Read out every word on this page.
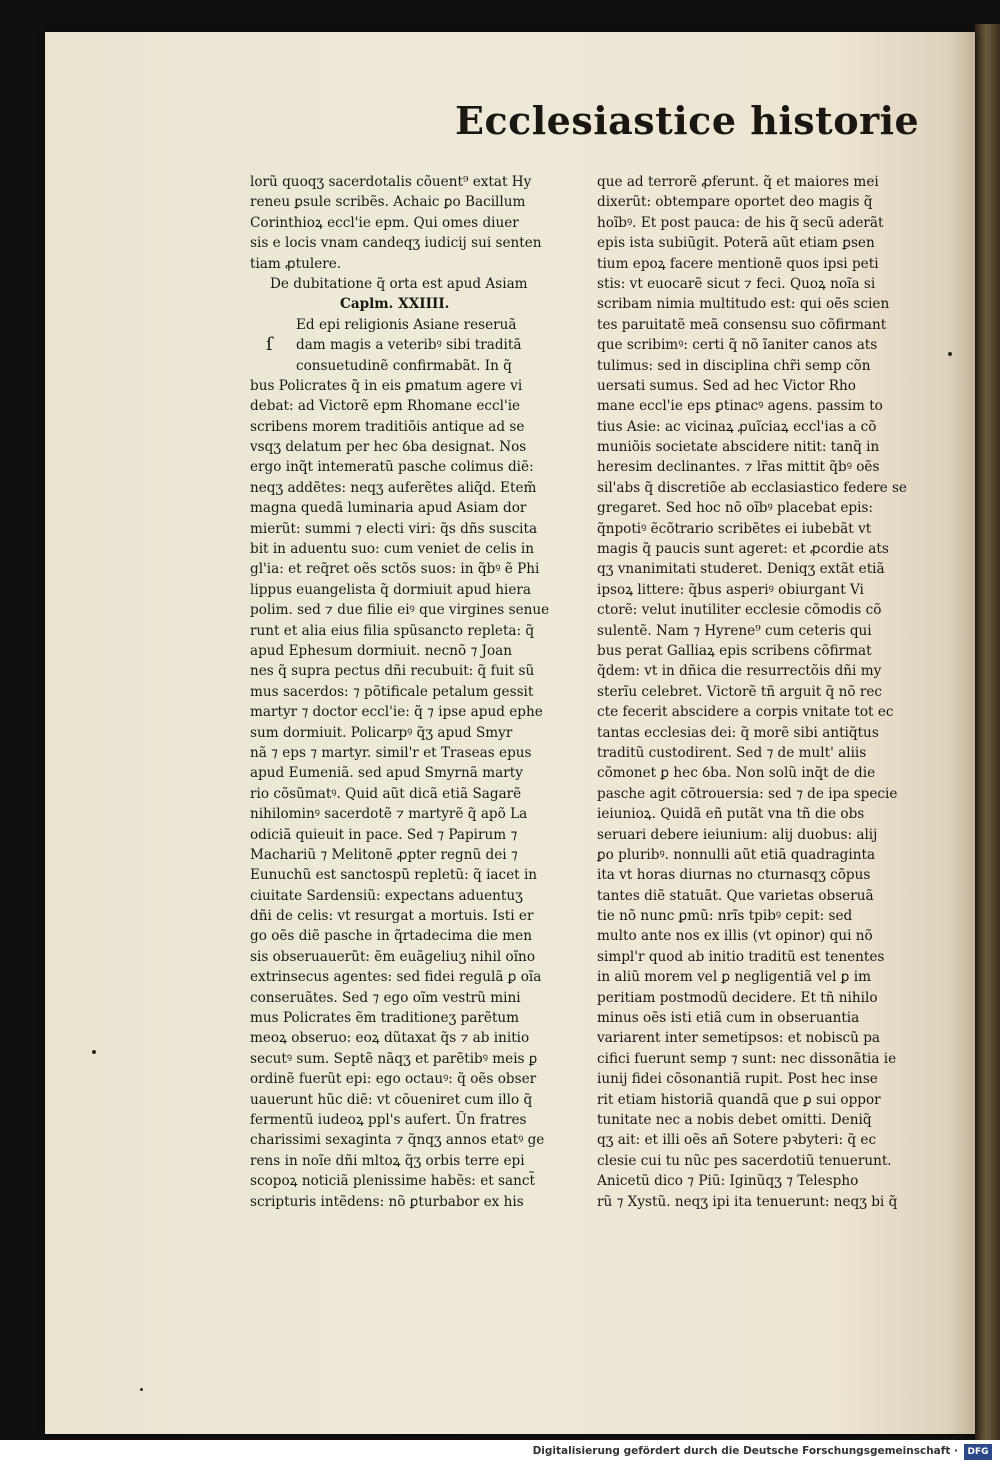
Ecclesiastice historie
lorũ quoqʒ sacerdotalis cõuent⁹ extat Hy
reneu ꝑsule scribẽs. Achaic ꝑo Bacillum
Corinthioꝝ eccl'ie epm. Qui omes diuer
sis e locis vnam candeqʒ iudicij sui senten
tiam ꝓtulere.
De dubitatione q̃ orta est apud Asiam
Caplm. XXIIII.
ſ
Ed epi religionis Asiane reseruã
dam magis a veteribꝰ sibi traditã
consuetudinẽ confirmabãt. In q̃
bus Policrates q̃ in eis ꝑmatum agere vi
debat: ad Victorẽ epm Rhomane eccl'ie
scribens morem traditiõis antique ad se
vsqʒ delatum per hec ỽba designat. Nos
ergo inq̃t intemeratũ pasche colimus diẽ:
neqʒ addẽtes: neqʒ auferẽtes aliq̃d. Etem̃
magna quedã luminaria apud Asiam dor
mierũt: summi ⁊ electi viri: q̃s dñs suscita
bit in aduentu suo: cum veniet de celis in
gl'ia: et req̃ret oẽs sctõs suos: in q̃bꝰ ẽ Phi
lippus euangelista q̃ dormiuit apud hiera
polim. sed ⁊ due filie eiꝰ que virgines senue
runt et alia eius filia spũsancto repleta: q̃
apud Ephesum dormiuit. necnõ ⁊ Joan
nes q̃ supra pectus dñi recubuit: q̃ fuit sũ
mus sacerdos: ⁊ põtificale petalum gessit
martyr ⁊ doctor eccl'ie: q̃ ⁊ ipse apud ephe
sum dormiuit. Policarpꝰ q̃ʒ apud Smyr
nã ⁊ eps ⁊ martyr. simil'r et Traseas epus
apud Eumeniã. sed apud Smyrnã marty
rio cõsũmatꝰ. Quid aũt dicã etiã Sagarẽ
nihilominꝰ sacerdotẽ ⁊ martyrẽ q̃ apõ La
odiciã quieuit in pace. Sed ⁊ Papirum ⁊
Machariũ ⁊ Melitonẽ ꝓpter regnũ dei ⁊
Eunuchũ est sanctospũ repletũ: q̃ iacet in
ciuitate Sardensiũ: expectans aduentuʒ
dñi de celis: vt resurgat a mortuis. Isti er
go oẽs diẽ pasche in q̃rtadecima die men
sis obseruauerũt: ẽm euãgeliuʒ nihil oĩno
extrinsecus agentes: sed fidei regulã ꝑ oĩa
conseruãtes. Sed ⁊ ego oĩm vestrũ mini
mus Policrates ẽm traditioneʒ parẽtum
meoꝝ obseruo: eoꝝ dũtaxat q̃s ⁊ ab initio
secutꝰ sum. Septẽ nãqʒ et parẽtibꝰ meis ꝑ
ordinẽ fuerũt epi: ego octauꝰ: q̃ oẽs obser
uauerunt hũc diẽ: vt cõueniret cum illo q̃
fermentũ iudeoꝝ ppl's aufert. Ũn fratres
charissimi sexaginta ⁊ q̃nqʒ annos etatꝰ ge
rens in noĩe dñi mltoꝝ q̃ʒ orbis terre epi
scopoꝝ noticiã plenissime habẽs: et sanct̃
scripturis intẽdens: nõ ꝑturbabor ex his
que ad terrorẽ ꝓferunt. q̃ et maiores mei
dixerũt: obtempare oportet deo magis q̃
hoĩbꝰ. Et post pauca: de his q̃ secũ aderãt
epis ista subiũgit. Poterã aũt etiam ꝑsen
tium epoꝝ facere mentionẽ quos ipsi peti
stis: vt euocarẽ sicut ⁊ feci. Quoꝝ noĩa si
scribam nimia multitudo est: qui oẽs scien
tes paruitatẽ meã consensu suo cõfirmant
que scribimꝰ: certi q̃ nõ ĩaniter canos ats
tulimus: sed in disciplina chr̃i semp cõn
uersati sumus. Sed ad hec Victor Rho
mane eccl'ie eps ꝑtinacꝰ agens. passim to
tius Asie: ac vicinaꝝ ꝓuĩciaꝝ eccl'ias a cõ
muniõis societate abscidere nitit: tanq̃ in
heresim declinantes. ⁊ lr̃as mittit q̃bꝰ oẽs
sil'abs q̃ discretiõe ab ecclasiastico federe se
gregaret. Sed hoc nõ oĩbꝰ placebat epis:
q̃npotiꝰ ẽcõtrario scribẽtes ei iubebãt vt
magis q̃ paucis sunt ageret: et ꝓcordie ats
qʒ vnanimitati studeret. Deniqʒ extãt etiã
ipsoꝝ littere: q̃bus asperiꝰ obiurgant Vi
ctorẽ: velut inutiliter ecclesie cõmodis cõ
sulentẽ. Nam ⁊ Hyrene⁹ cum ceteris qui
bus perat Galliaꝝ epis scribens cõfirmat
q̃dem: vt in dñica die resurrectõis dñi my
sterĩu celebret. Victorẽ tñ arguit q̃ nõ rec
cte fecerit abscidere a corpis vnitate tot ec
tantas ecclesias dei: q̃ morẽ sibi antiq̃tus
traditũ custodirent. Sed ⁊ de mult' aliis
cõmonet ꝑ hec ỽba. Non solũ inq̃t de die
pasche agit cõtrouersia: sed ⁊ de ipa specie
ieiunioꝝ. Quidã eñ putãt vna tñ die obs
seruari debere ieiunium: alij duobus: alij
ꝑo pluribꝰ. nonnulli aũt etiã quadraginta
ita vt horas diurnas no cturnasqʒ cõpus
tantes diẽ statuãt. Que varietas obseruã
tie nõ nunc ꝑmũ: nrĩs tpibꝰ cepit: sed
multo ante nos ex illis (vt opinor) qui nõ
simpl'r quod ab initio traditũ est tenentes
in aliũ morem vel ꝑ negligentiã vel ꝑ im
peritiam postmodũ decidere. Et tñ nihilo
minus oẽs isti etiã cum in obseruantia
variarent inter semetipsos: et nobiscũ pa
cifici fuerunt semp ⁊ sunt: nec dissonãtia ie
iunij fidei cõsonantiã rupit. Post hec inse
rit etiam historiã quandã que ꝑ sui oppor
tunitate nec a nobis debet omitti. Deniq̃
qʒ ait: et illi oẽs añ Sotere pꝛbyteri: q̃ ec
clesie cui tu nũc pes sacerdotiũ tenuerunt.
Anicetũ dico ⁊ Piũ: Iginũqʒ ⁊ Telespho
rũ ⁊ Xystũ. neqʒ ipi ita tenuerunt: neqʒ bi q̃
Digitalisierung gefördert durch die Deutsche Forschungsgemeinschaft ·	DFG
